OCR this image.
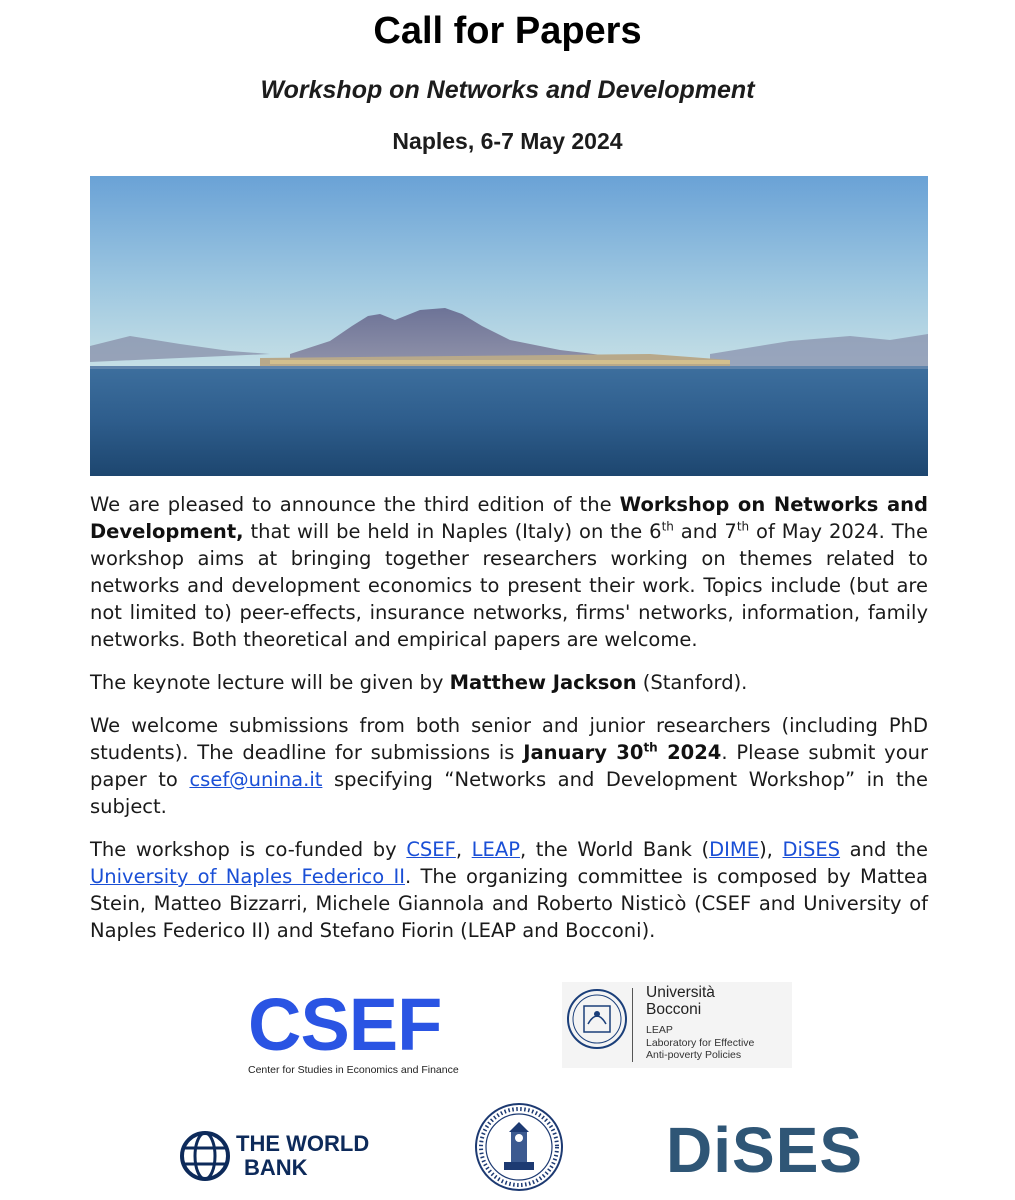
Call for Papers
Workshop on Networks and Development
Naples, 6-7 May 2024

We are pleased to announce the third edition of the Workshop on Networks and Development, that will be held in Naples (Italy) on the 6th and 7th of May 2024. The workshop aims at bringing together researchers working on themes related to networks and development economics to present their work. Topics include (but are not limited to) peer-effects, insurance networks, firms' networks, information, family networks. Both theoretical and empirical papers are welcome.

The keynote lecture will be given by Matthew Jackson (Stanford).

We welcome submissions from both senior and junior researchers (including PhD students). The deadline for submissions is January 30th 2024. Please submit your paper to csef@unina.it specifying “Networks and Development Workshop” in the subject.

The workshop is co-funded by CSEF, LEAP, the World Bank (DIME), DiSES and the University of Naples Federico II. The organizing committee is composed by Mattea Stein, Matteo Bizzarri, Michele Giannola and Roberto Nisticò (CSEF and University of Naples Federico II) and Stefano Fiorin (LEAP and Bocconi).

CSEF
Center for Studies in Economics and Finance
Università
Bocconi
LEAP
Laboratory for Effective
Anti-poverty Policies
THE WORLD
BANK	DiSES
